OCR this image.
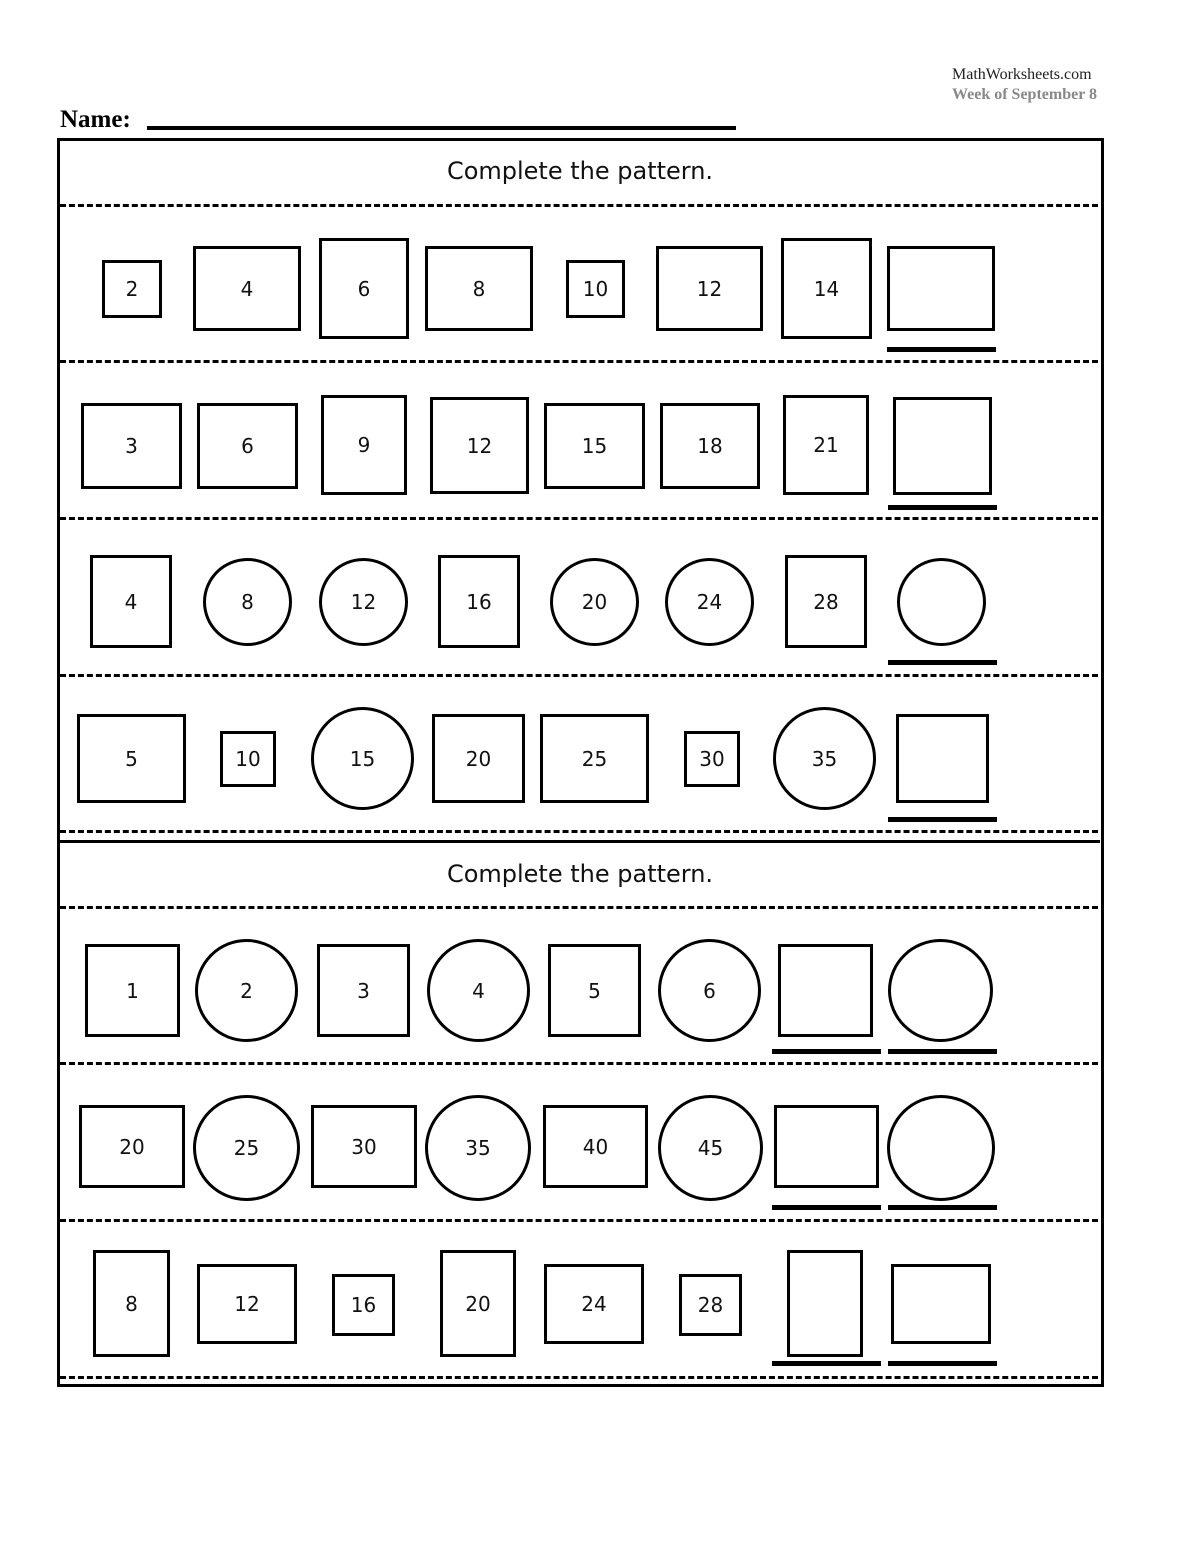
MathWorksheets.com
Week of September 8
Name:
Complete the pattern.
Complete the pattern.
2	4	6	8	10	12	14
3	6	9	12	15	18	21
4	8	12	16	20	24	28
5	10	15	20	25	30	35
1	2	3	4	5	6
20	25	30	35	40	45
8	12	16	20	24	28
